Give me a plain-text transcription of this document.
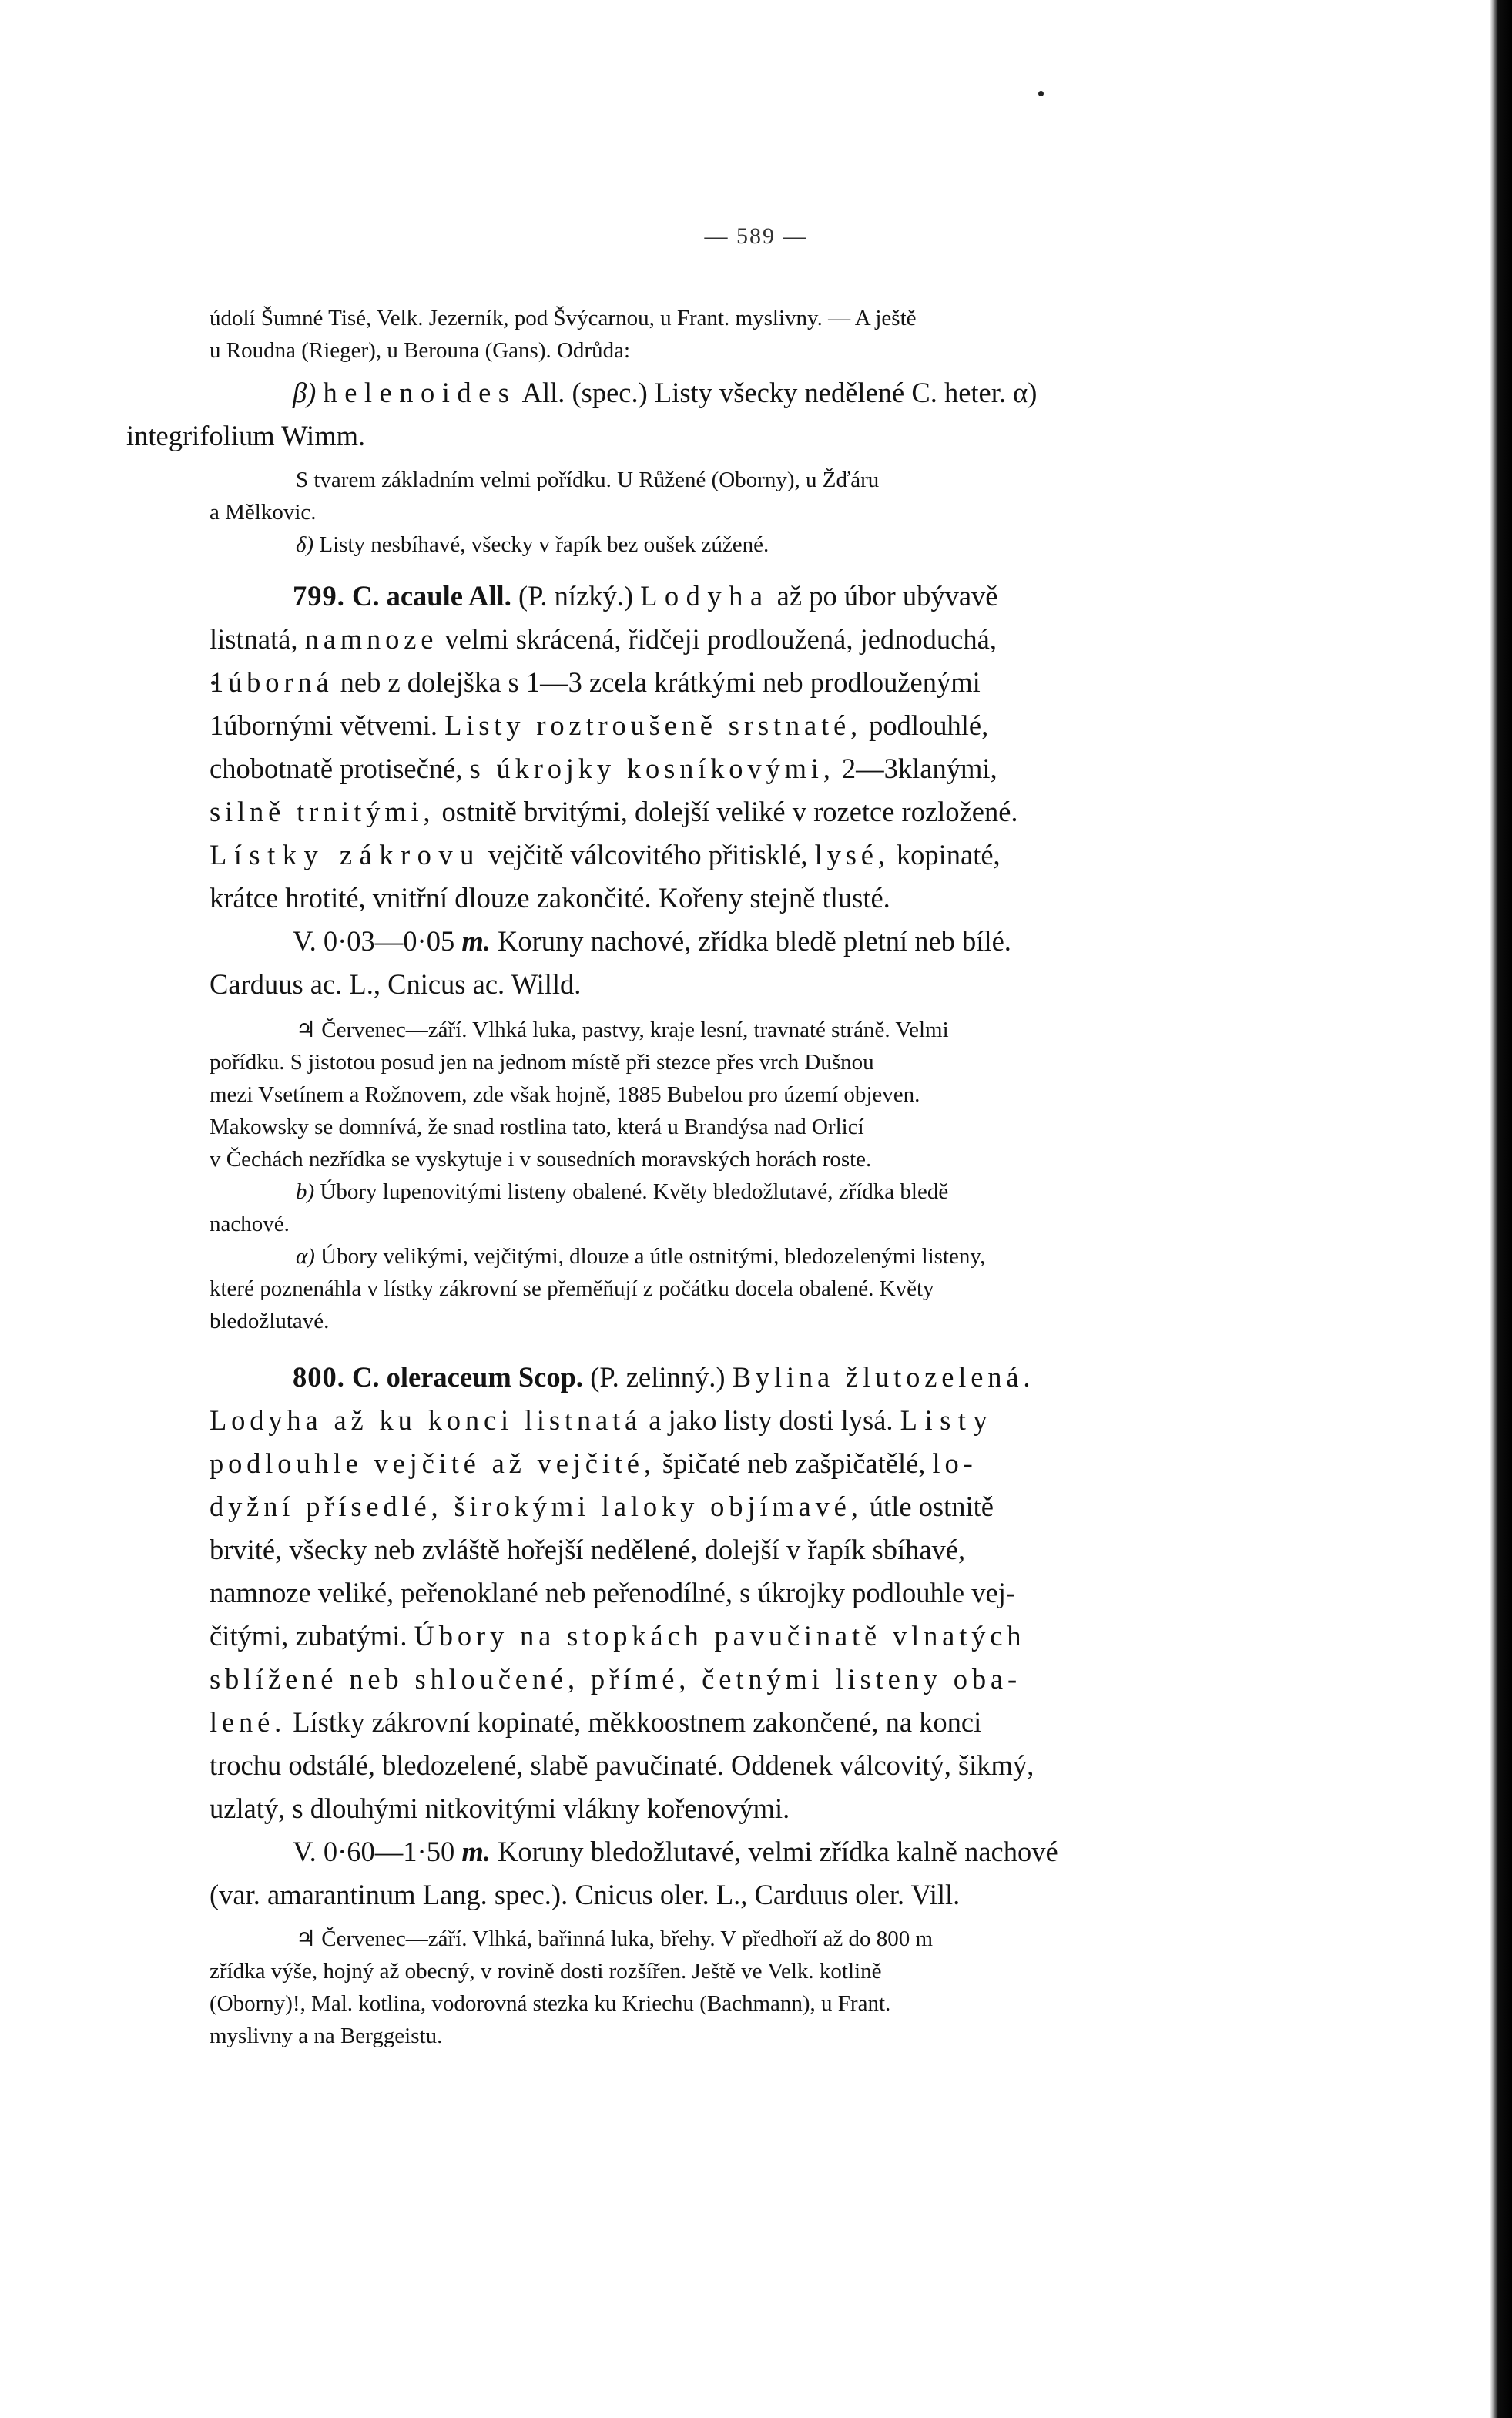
— 589 —
údolí Šumné Tisé, Velk. Jezerník, pod Švýcarnou, u Frant. myslivny. — A ještě
u Roudna (Rieger), u Berouna (Gans). Odrůda:
β) helenoides All. (spec.) Listy všecky nedělené C. heter. α)
integrifolium Wimm.
S tvarem základním velmi pořídku. U Růžené (Oborny), u Žďáru
a Mělkovic.
δ) Listy nesbíhavé, všecky v řapík bez oušek zúžené.
799. C. acaule All. (P. nízký.) Lodyha až po úbor ubývavě
listnatá, namnoze velmi skrácená, řidčeji prodloužená, jednoduchá,
1úborná neb z dolejška s 1—3 zcela krátkými neb prodlouženými
1úbornými větvemi. Listy roztroušeně srstnaté, podlouhlé,
chobotnatě protisečné, s úkrojky kosníkovými, 2—3klanými,
silně trnitými, ostnitě brvitými, dolejší veliké v rozetce rozložené.
Lístky zákrovu vejčitě válcovitého přitisklé, lysé, kopinaté,
krátce hrotité, vnitřní dlouze zakončité. Kořeny stejně tlusté.
V. 0·03—0·05 m. Koruny nachové, zřídka bledě pletní neb bílé.
Carduus ac. L., Cnicus ac. Willd.
♃ Červenec—září. Vlhká luka, pastvy, kraje lesní, travnaté stráně. Velmi
pořídku. S jistotou posud jen na jednom místě při stezce přes vrch Dušnou
mezi Vsetínem a Rožnovem, zde však hojně, 1885 Bubelou pro území objeven.
Makowsky se domnívá, že snad rostlina tato, která u Brandýsa nad Orlicí
v Čechách nezřídka se vyskytuje i v sousedních moravských horách roste.
b) Úbory lupenovitými listeny obalené. Květy bledožlutavé, zřídka bledě
nachové.
α) Úbory velikými, vejčitými, dlouze a útle ostnitými, bledozelenými listeny,
které poznenáhla v lístky zákrovní se přeměňují z počátku docela obalené. Květy
bledožlutavé.
800. C. oleraceum Scop. (P. zelinný.) Bylina žlutozelená.
Lodyha až ku konci listnatá a jako listy dosti lysá. Listy
podlouhle vejčité až vejčité, špičaté neb zašpičatělé, lo-
dyžní přísedlé, širokými laloky objímavé, útle ostnitě
brvité, všecky neb zvláště hořejší nedělené, dolejší v řapík sbíhavé,
namnoze veliké, peřenoklané neb peřenodílné, s úkrojky podlouhle vej-
čitými, zubatými. Úbory na stopkách pavučinatě vlnatých
sblížené neb shloučené, přímé, četnými listeny oba-
lené. Lístky zákrovní kopinaté, měkkoostnem zakončené, na konci
trochu odstálé, bledozelené, slabě pavučinaté. Oddenek válcovitý, šikmý,
uzlatý, s dlouhými nitkovitými vlákny kořenovými.
V. 0·60—1·50 m. Koruny bledožlutavé, velmi zřídka kalně nachové
(var. amarantinum Lang. spec.). Cnicus oler. L., Carduus oler. Vill.
♃ Červenec—září. Vlhká, bařinná luka, břehy. V předhoří až do 800 m
zřídka výše, hojný až obecný, v rovině dosti rozšířen. Ještě ve Velk. kotlině
(Oborny)!, Mal. kotlina, vodorovná stezka ku Kriechu (Bachmann), u Frant.
myslivny a na Berggeistu.
